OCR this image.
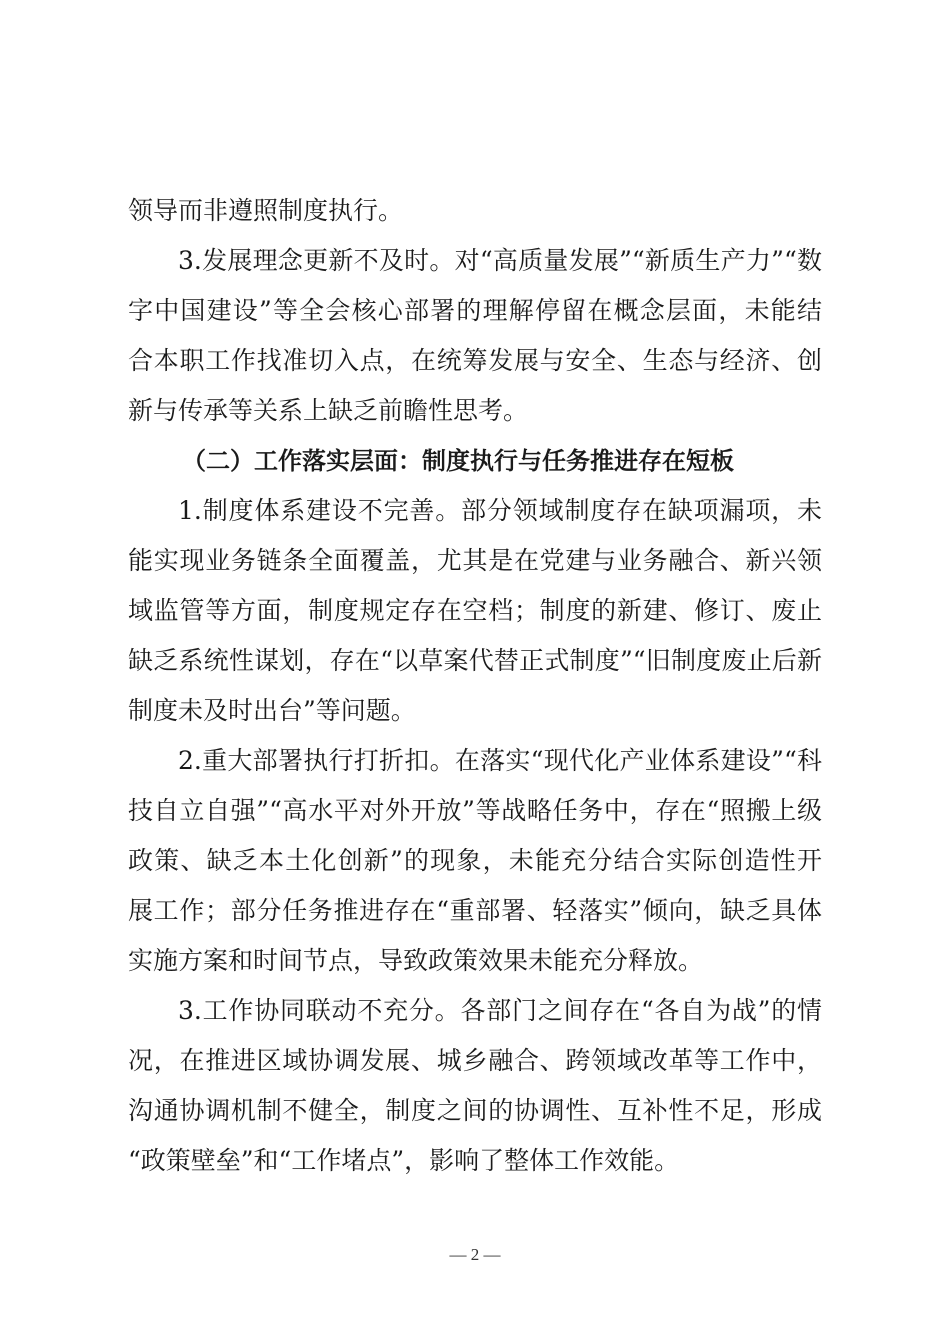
领导而非遵照制度执行。
3.发展理念更新不及时。对“高质量发展”“新质生产力”“数
字中国建设”等全会核心部署的理解停留在概念层面，未能结
合本职工作找准切入点，在统筹发展与安全、生态与经济、创
新与传承等关系上缺乏前瞻性思考。
（二）工作落实层面：制度执行与任务推进存在短板
1.制度体系建设不完善。部分领域制度存在缺项漏项，未
能实现业务链条全面覆盖，尤其是在党建与业务融合、新兴领
域监管等方面，制度规定存在空档；制度的新建、修订、废止
缺乏系统性谋划，存在“以草案代替正式制度”“旧制度废止后新
制度未及时出台”等问题。
2.重大部署执行打折扣。在落实“现代化产业体系建设”“科
技自立自强”“高水平对外开放”等战略任务中，存在“照搬上级
政策、缺乏本土化创新”的现象，未能充分结合实际创造性开
展工作；部分任务推进存在“重部署、轻落实”倾向，缺乏具体
实施方案和时间节点，导致政策效果未能充分释放。
3.工作协同联动不充分。各部门之间存在“各自为战”的情
况，在推进区域协调发展、城乡融合、跨领域改革等工作中，
沟通协调机制不健全，制度之间的协调性、互补性不足，形成
“政策壁垒”和“工作堵点”，影响了整体工作效能。
— 2 —
